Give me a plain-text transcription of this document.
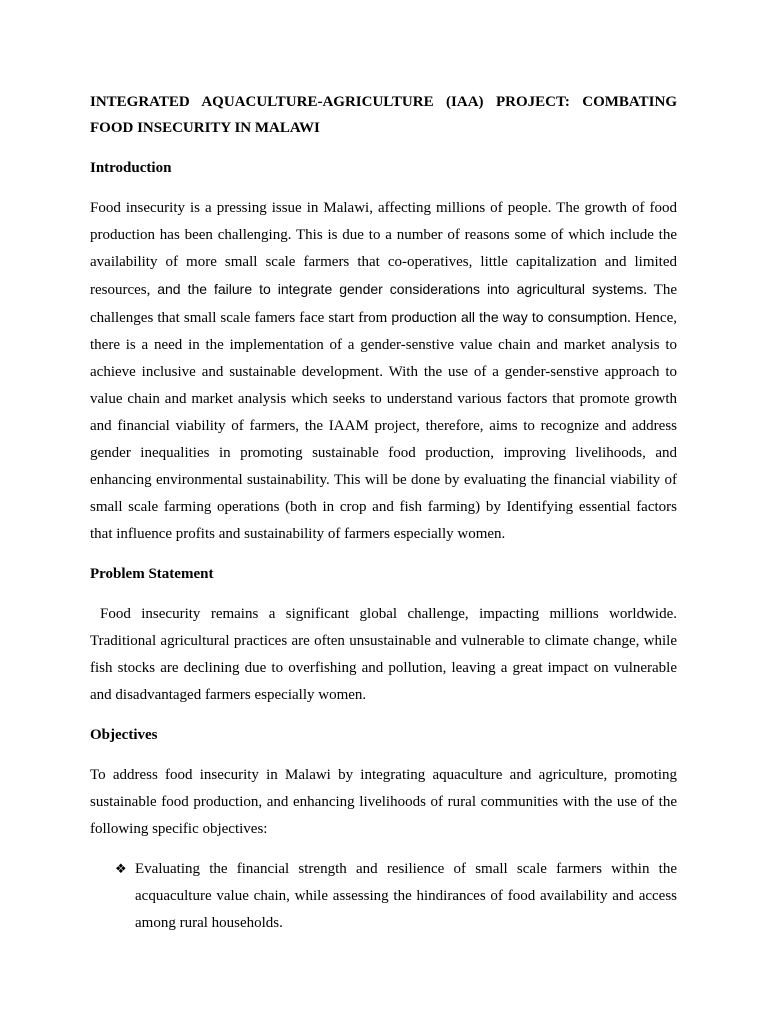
INTEGRATED AQUACULTURE-AGRICULTURE (IAA) PROJECT: COMBATING
FOOD INSECURITY IN MALAWI
Introduction
Food insecurity is a pressing issue in Malawi, affecting millions of people. The growth of food
production has been challenging. This is due to a number of reasons some of which include the
availability of more small scale farmers that co-operatives, little capitalization and limited
resources, and the failure to integrate gender considerations into agricultural systems. The
challenges that small scale famers face start from production all the way to consumption. Hence,
there is a need in the implementation of a gender-senstive value chain and market analysis to
achieve inclusive and sustainable development. With the use of a gender-senstive approach to
value chain and market analysis which seeks to understand various factors that promote growth
and financial viability of farmers, the IAAM project, therefore, aims to recognize and address
gender inequalities in promoting sustainable food production, improving livelihoods, and
enhancing environmental sustainability. This will be done by evaluating the financial viability of
small scale farming operations (both in crop and fish farming) by Identifying essential factors
that influence profits and sustainability of farmers especially women.
Problem Statement
Food insecurity remains a significant global challenge, impacting millions worldwide.
Traditional agricultural practices are often unsustainable and vulnerable to climate change, while
fish stocks are declining due to overfishing and pollution, leaving a great impact on vulnerable
and disadvantaged farmers especially women.
Objectives
To address food insecurity in Malawi by integrating aquaculture and agriculture, promoting
sustainable food production, and enhancing livelihoods of rural communities with the use of the
following specific objectives:
❖ Evaluating the financial strength and resilience of small scale farmers within the
acquaculture value chain, while assessing the hindirances of food availability and access
among rural households.
